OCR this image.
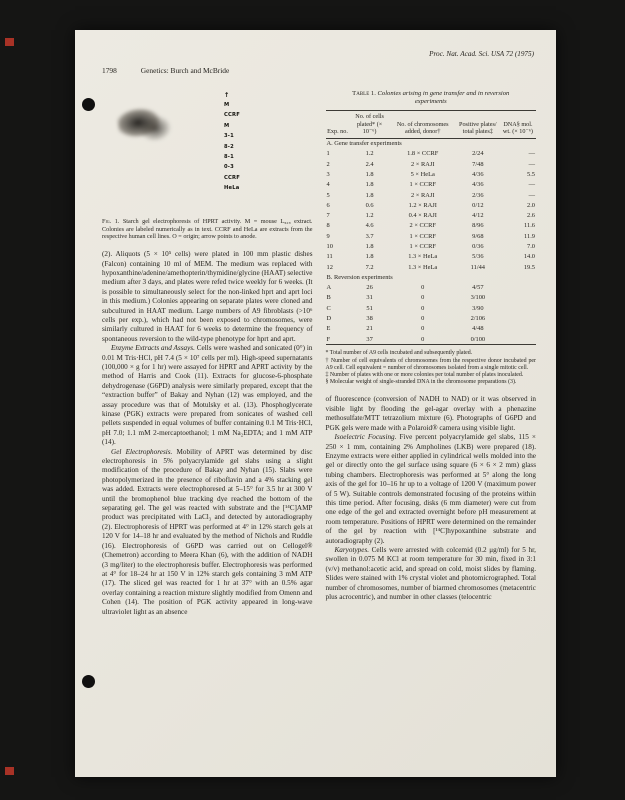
Proc. Nat. Acad. Sci. USA 72 (1975)
1798	Genetics: Burch and McBride
↑
M
CCRF
M
3-1
8-2
8-1
0-3
CCRF
HeLa
Fig. 1. Starch gel electrophoresis of HPRT activity. M = mouse L₉₂₉ extract. Colonies are labeled numerically as in text. CCRF and HeLa are extracts from the respective human cell lines. O = origin; arrow points to anode.

(2). Aliquots (5 × 10⁵ cells) were plated in 100 mm plastic dishes (Falcon) containing 10 ml of MEM. The medium was replaced with hypoxanthine/adenine/amethopterin/thymidine/glycine (HAAT) selective medium after 3 days, and plates were refed twice weekly for 6 weeks. (It is possible to simultaneously select for the non-linked hprt and aprt loci in this medium.) Colonies appearing on separate plates were cloned and subcultured in HAAT medium. Large numbers of A9 fibroblasts (>10⁶ cells per exp.), which had not been exposed to chromosomes, were similarly cultured in HAAT for 6 weeks to determine the frequency of spontaneous reversion to the wild-type phenotype for hprt and aprt.

Enzyme Extracts and Assays. Cells were washed and sonicated (0°) in 0.01 M Tris·HCl, pH 7.4 (5 × 10⁷ cells per ml). High-speed supernatants (100,000 × g for 1 hr) were assayed for HPRT and APRT activity by the method of Harris and Cook (11). Extracts for glucose-6-phosphate dehydrogenase (G6PD) analysis were similarly prepared, except that the “extraction buffer” of Bakay and Nyhan (12) was employed, and the assay procedure was that of Motulsky et al. (13). Phosphoglycerate kinase (PGK) extracts were prepared from sonicates of washed cell pellets suspended in equal volumes of buffer containing 0.1 M Tris·HCl, pH 7.0; 1.1 mM 2-mercaptoethanol; 1 mM Na₂EDTA; and 1 mM ATP (14).

Gel Electrophoresis. Mobility of APRT was determined by disc electrophoresis in 5% polyacrylamide gel slabs using a slight modification of the procedure of Bakay and Nyhan (15). Slabs were photopolymerized in the presence of riboflavin and a 4% stacking gel was added. Extracts were electrophoresed at 5–15° for 3.5 hr at 300 V until the bromophenol blue tracking dye reached the bottom of the separating gel. The gel was reacted with substrate and the [¹⁴C]AMP product was precipitated with LaCl₃ and detected by autoradiography (2). Electrophoresis of HPRT was performed at 4° in 12% starch gels at 120 V for 14–18 hr and evaluated by the method of Nichols and Ruddle (16). Electrophoresis of G6PD was carried out on Cellogel® (Chemetron) according to Meera Khan (6), with the addition of NADH (3 mg/liter) to the electrophoresis buffer. Electrophoresis was performed at 4° for 18–24 hr at 150 V in 12% starch gels containing 3 mM ATP (17). The sliced gel was reacted for 1 hr at 37° with an 0.5% agar overlay containing a reaction mixture slightly modified from Omenn and Cohen (14). The position of PGK activity appeared in long-wave ultraviolet light as an absence

Table 1. Colonies arising in gene transfer and in reversion experiments
Exp. no.	No. of cells plated* (× 10⁻⁶)	No. of chromosomes added, donor†	Positive plates/ total plates‡	DNA§ mol. wt. (× 10⁻⁶)
A. Gene transfer experiments				
1	1.2	1.8 × CCRF	2/24	—
2	2.4	2 × RAJI	7/48	—
3	1.8	5 × HeLa	4/36	5.5
4	1.8	1 × CCRF	4/36	—
5	1.8	2 × RAJI	2/36	—
6	0.6	1.2 × RAJI	0/12	2.0
7	1.2	0.4 × RAJI	4/12	2.6
8	4.6	2 × CCRF	8/96	11.6
9	3.7	1 × CCRF	9/68	11.9
10	1.8	1 × CCRF	0/36	7.0
11	1.8	1.3 × HeLa	5/36	14.0
12	7.2	1.3 × HeLa	11/44	19.5
B. Reversion experiments				
A	26	0	4/57	
B	31	0	3/100	
C	51	0	3/90	
D	38	0	2/106	
E	21	0	4/48	
F	37	0	0/100	
* Total number of A9 cells incubated and subsequently plated.
† Number of cell equivalents of chromosomes from the respective donor incubated per A9 cell. Cell equivalent = number of chromosomes isolated from a single mitotic cell.
‡ Number of plates with one or more colonies per total number of plates inoculated.
§ Molecular weight of single-stranded DNA in the chromosome preparations (3).

of fluorescence (conversion of NADH to NAD) or it was observed in visible light by flooding the gel-agar overlay with a phenazine methosulfate/MTT tetrazolium mixture (6). Photographs of G6PD and PGK gels were made with a Polaroid® camera using visible light.

Isoelectric Focusing. Five percent polyacrylamide gel slabs, 115 × 250 × 1 mm, containing 2% Ampholines (LKB) were prepared (18). Enzyme extracts were either applied in cylindrical wells molded into the gel or directly onto the gel surface using square (6 × 6 × 2 mm) glass tubing chambers. Electrophoresis was performed at 5° along the long axis of the gel for 10–16 hr up to a voltage of 1200 V (maximum power of 5 W). Suitable controls demonstrated focusing of the proteins within this time period. After focusing, disks (6 mm diameter) were cut from one edge of the gel and extracted overnight before pH measurement at room temperature. Positions of HPRT were determined on the remainder of the gel by reaction with [¹⁴C]hypoxanthine substrate and autoradiography (2).

Karyotypes. Cells were arrested with colcemid (0.2 μg/ml) for 5 hr, swollen in 0.075 M KCl at room temperature for 30 min, fixed in 3:1 (v/v) methanol:acetic acid, and spread on cold, moist slides by flaming. Slides were stained with 1% crystal violet and photomicrographed. Total number of chromosomes, number of biarmed chromosomes (metacentric plus acrocentric), and number in other classes (telocentric
